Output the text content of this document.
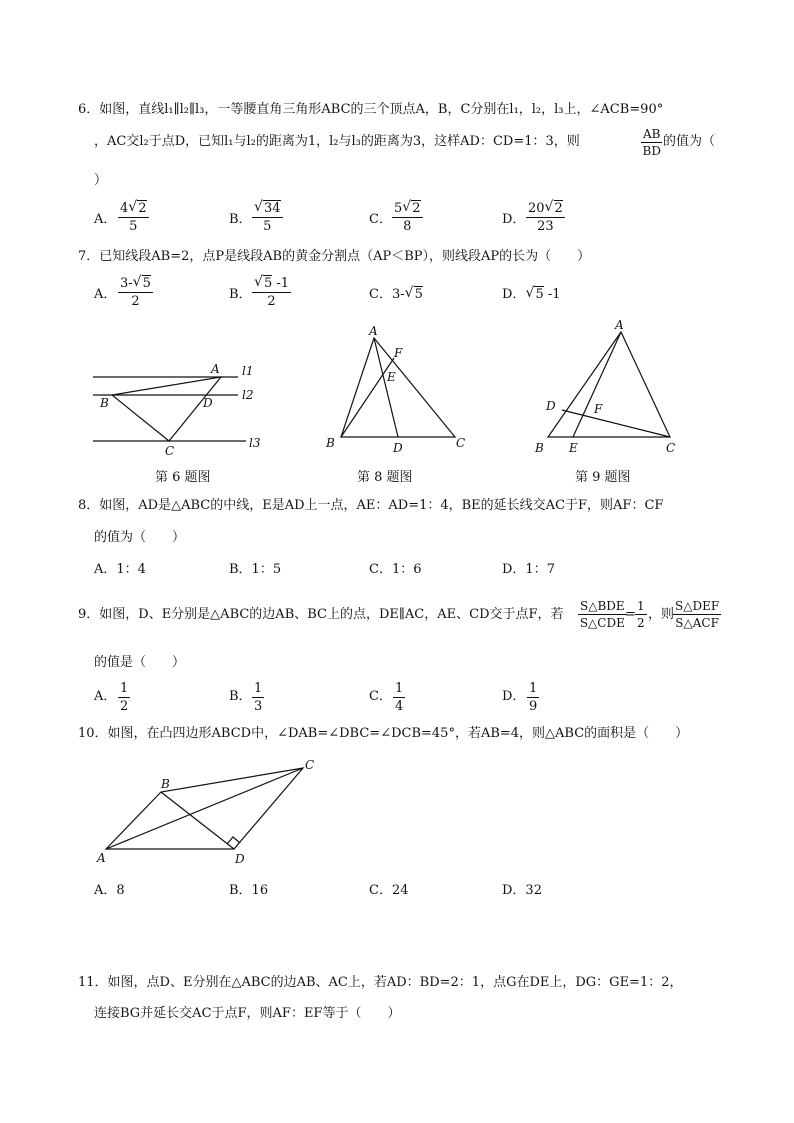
6．如图，直线l₁∥l₂∥l₃，一等腰直角三角形ABC的三个顶点A，B，C分别在l₁，l₂，l₃上，∠ACB=90°
，AC交l₂于点D，已知l₁与l₂的距离为1，l₂与l₃的距离为3，这样AD：CD=1：3，则	$\frac{AB}{BD}$ 的值为（
）
A． $\frac{4 √ 2}{5}$	B． $\frac{√ 34}{5}$	C． $\frac{5 √ 2}{8}$	D． $\frac{20 √ 2}{23}$
7．已知线段AB=2，点P是线段AB的黄金分割点（AP＜BP），则线段AP的长为（　　）
A． $\frac{3- √ 5}{2}$	B． $\frac{√ 5 -1}{2}$	C．3- √ 5	D． √ 5 -1
A
B
C
D
l1
l2
l3
第 6 题图
A
B	C
D
E
F
第 8 题图
A
B	C
D
E
F
第 9 题图
8．如图，AD是△ABC的中线，E是AD上一点，AE：AD=1：4，BE的延长线交AC于F，则AF：CF
的值为（　　）
A．1：4	B．1：5	C．1：6	D．1：7
9．如图，D、E分别是△ABC的边AB、BC上的点，DE∥AC，AE、CD交于点F，若
S△BDE
S△CDE
= $\frac{1}{2}$ ，则
S△DEF
S△ACF
的值是（　　）
A． $\frac{1}{2}$	B． $\frac{1}{3}$	C． $\frac{1}{4}$	D． $\frac{1}{9}$
10．如图，在凸四边形ABCD中，∠DAB=∠DBC=∠DCB=45°，若AB=4，则△ABC的面积是（　　）
A
B
C
D
A．8	B．16	C．24	D．32
11．如图，点D、E分别在△ABC的边AB、AC上，若AD：BD=2：1，点G在DE上，DG：GE=1：2，
连接BG并延长交AC于点F，则AF：EF等于（　　）
